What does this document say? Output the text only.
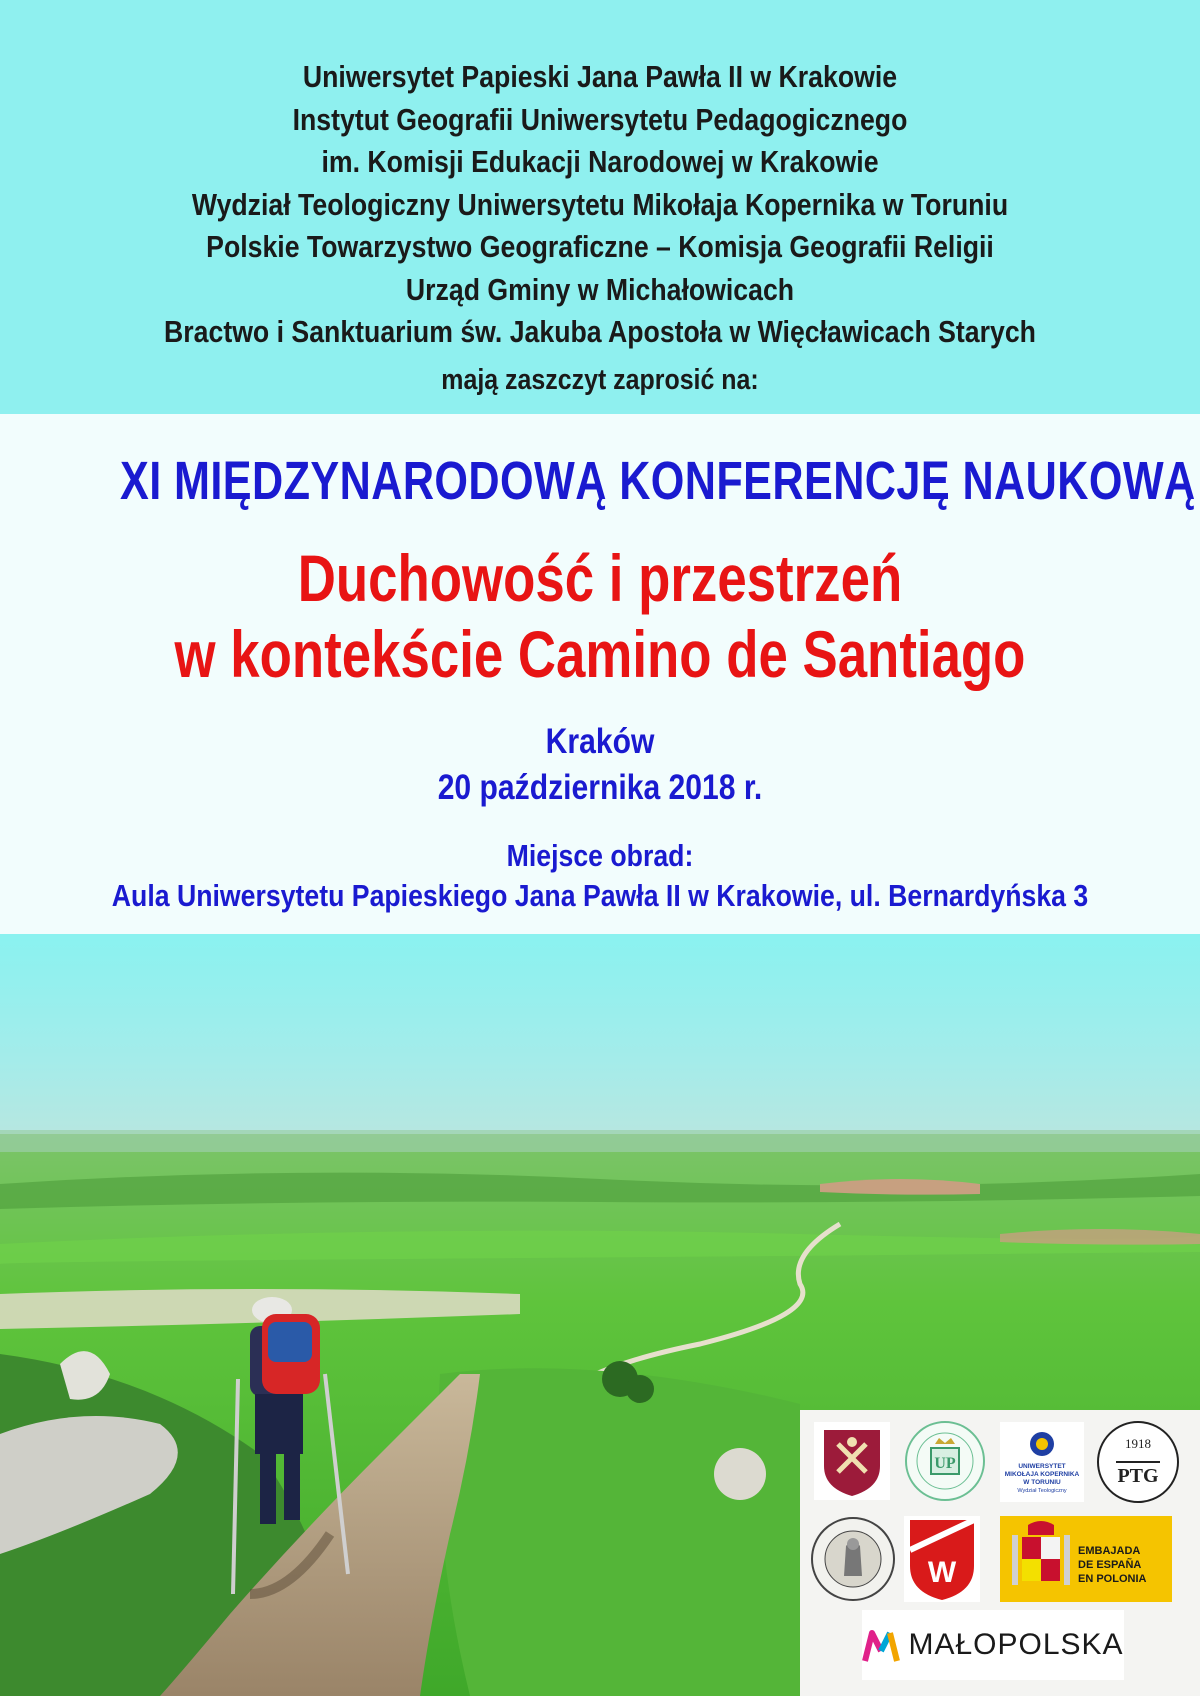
Uniwersytet Papieski Jana Pawła II w Krakowie
Instytut Geografii Uniwersytetu Pedagogicznego
im. Komisji Edukacji Narodowej w Krakowie
Wydział Teologiczny Uniwersytetu Mikołaja Kopernika w Toruniu
Polskie Towarzystwo Geograficzne – Komisja Geografii Religii
Urząd Gminy w Michałowicach
Bractwo i Sanktuarium św. Jakuba Apostoła w Więcławicach Starych
mają zaszczyt zaprosić na:
XI MIĘDZYNARODOWĄ KONFERENCJĘ NAUKOWĄ
Duchowość i przestrzeń
w kontekście Camino de Santiago
Kraków
20 października 2018 r.
Miejsce obrad:
Aula Uniwersytetu Papieskiego Jana Pawła II w Krakowie, ul. Bernardyńska 3
UP	UNIWERSYTET
MIKOŁAJA KOPERNIKA
W TORUNIU
Wydział Teologiczny
1918
PTG
W
EMBAJADA
DE ESPAÑA
EN POLONIA
MAŁOPOLSKA
